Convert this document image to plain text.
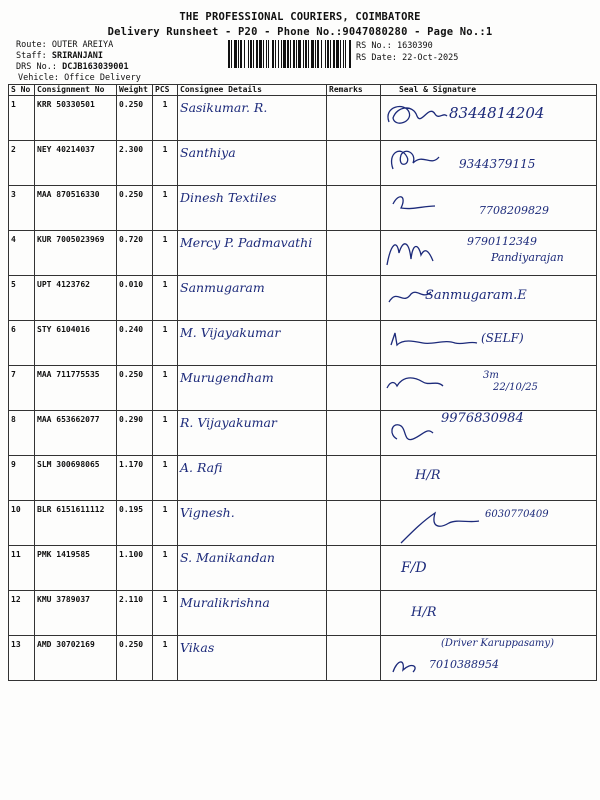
THE PROFESSIONAL COURIERS, COIMBATORE
Delivery Runsheet - P20 - Phone No.:9047080280 - Page No.:1
Route: OUTER AREIYA
Staff: SRIRANJANI
DRS No.: DCJB163039001
Vehicle: Office Delivery
RS No.: 1630390
RS Date: 22-Oct-2025
S No	Consignment No	Weight	PCS	Consignee Details	Remarks	Seal & Signature
1	KRR 50330501	0.250	1	Sasikumar. R.		8344814204

2	NEY 40214037	2.300	1	Santhiya		9344379115

3	MAA 870516330	0.250	1	Dinesh Textiles		7708209829

4	KUR 7005023969	0.720	1	Mercy P. Padmavathi		9790112349
Pandiyarajan

5	UPT 4123762	0.010	1	Sanmugaram		Sanmugaram.E

6	STY 6104016	0.240	1	M. Vijayakumar		(SELF)

7	MAA 711775535	0.250	1	Murugendham		3m
22/10/25

8	MAA 653662077	0.290	1	R. Vijayakumar		9976830984

9	SLM 300698065	1.170	1	A. Rafi		H/R

10	BLR 6151611112	0.195	1	Vignesh.		6030770409

11	PMK 1419585	1.100	1	S. Manikandan		F/D

12	KMU 3789037	2.110	1	Muralikrishna		H/R

13	AMD 30702169	0.250	1	Vikas		7010388954
(Driver Karuppasamy)
